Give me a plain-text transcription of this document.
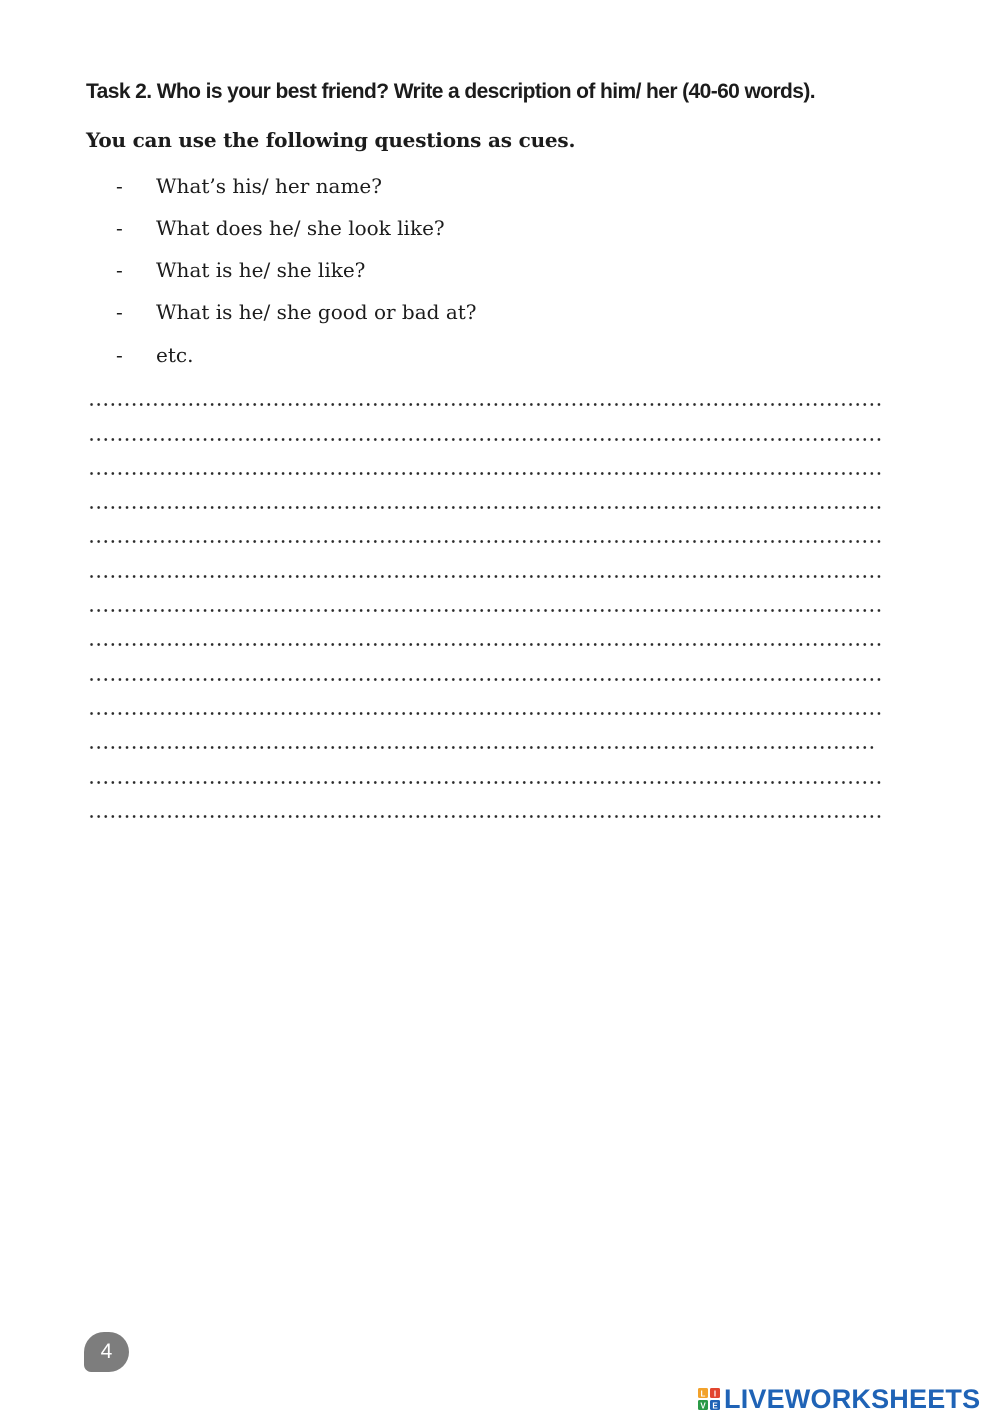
Task 2. Who is your best friend? Write a description of him/ her (40-60 words).
You can use the following questions as cues.
-	What’s his/ her name?
-	What does he/ she look like?
-	What is he/ she like?
-	What is he/ she good or bad at?
-	etc.
4
L I
V E LIVEWORKSHEETS
